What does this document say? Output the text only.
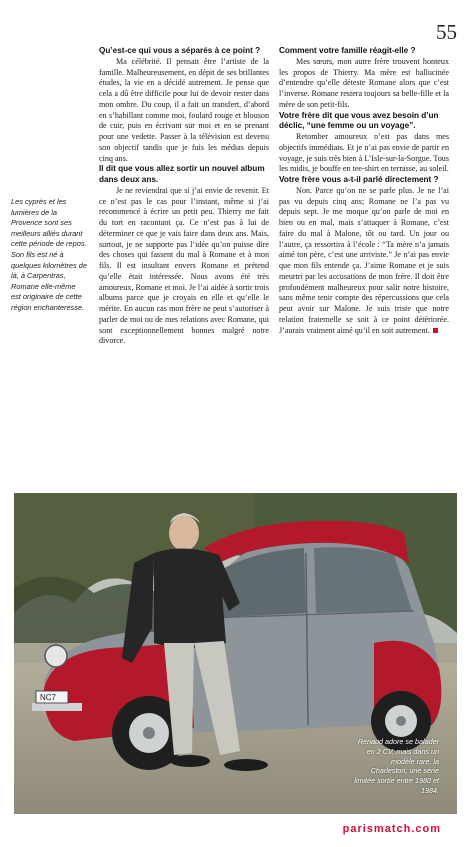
55
Les cyprès et les lumières de la Provence sont ses meilleurs alliés durant cette période de repos. Son fils est né à quelques kilomètres de là, à Carpentras, Romane elle-même est originaire de cette région enchanteresse.

Qu’est-ce qui vous a séparés à ce point ?

Ma célébrité. Il pensait être l’artiste de la famille. Malheureusement, en dépit de ses brillantes études, la vie en a décidé autrement. Je pense que cela a dû être difficile pour lui de devoir rester dans mon ombre. Du coup, il a fait un transfert, d’abord en s’habillant comme moi, foulard rouge et blouson de cuir, puis en écrivant sur moi et en se prenant pour une vedette. Passer à la télévision est devenu son objectif tandis que je fuis les médias depuis cinq ans.

Il dit que vous allez sortir un nouvel album dans deux ans.

Je ne reviendrai que si j’ai envie de revenir. Et ce n’est pas le cas pour l’instant, même si j’ai recommencé à écrire un petit peu. Thierry me fait du tort en racontant ça. Ce n’est pas à lui de déterminer ce que je vais faire dans deux ans. Mais, surtout, je ne supporte pas l’idée qu’on puisse dire des choses qui fassent du mal à Romane et à mon fils. Il est insultant envers Romane et prétend qu’elle était intéressée. Nous avons été très amoureux, Romane et moi. Je l’ai aidée à sortir trois albums parce que je croyais en elle et qu’elle le mérite. En aucun cas mon frère ne peut s’autoriser à parler de moi ou de mes relations avec Romane, qui sont exceptionnellement bonnes malgré notre divorce.

Comment votre famille réagit-elle ?

Mes sœurs, mon autre frère trouvent honteux les propos de Thierry. Ma mère est hallucinée d’entendre qu’elle déteste Romane alors que c’est l’inverse. Romane restera toujours sa belle-fille et la mère de son petit-fils.

Votre frère dit que vous avez besoin d’un déclic, “une femme ou un voyage”.

Retomber amoureux n’est pas dans mes objectifs immédiats. Et je n’ai pas envie de partir en voyage, je suis très bien à L’Isle-sur-la-Sorgue. Tous les midis, je bouffe en tee-shirt en terrasse, au soleil.

Votre frère vous a-t-il parlé directement ?

Non. Parce qu’on ne se parle plus. Je ne l’ai pas vu depuis cinq ans; Romane ne l’a pas vu depuis sept. Je me moque qu’on parle de moi en bien ou en mal, mais s’attaquer à Romane, c’est faire du mal à Malone, tôt ou tard. Un jour ou l’autre, ça ressortira à l’école : “Ta mère n’a jamais aimé ton père, c’est une arriviste.” Je n’ai pas envie que mon fils entende ça. J’aime Romane et je suis meurtri par les accusations de mon frère. Il doit être profondément malheureux pour salir notre histoire, sans même tenir compte des répercussions que cela peut avoir sur Malone. Je suis triste que notre relation fraternelle se soit à ce point détériorée. J’aurais vraiment aimé qu’il en soit autrement.

NC7
Renaud adore se balader en 2 CV, mais dans un modèle rare, la Charleston, une série limitée sortie entre 1980 et 1984.
parismatch.com
